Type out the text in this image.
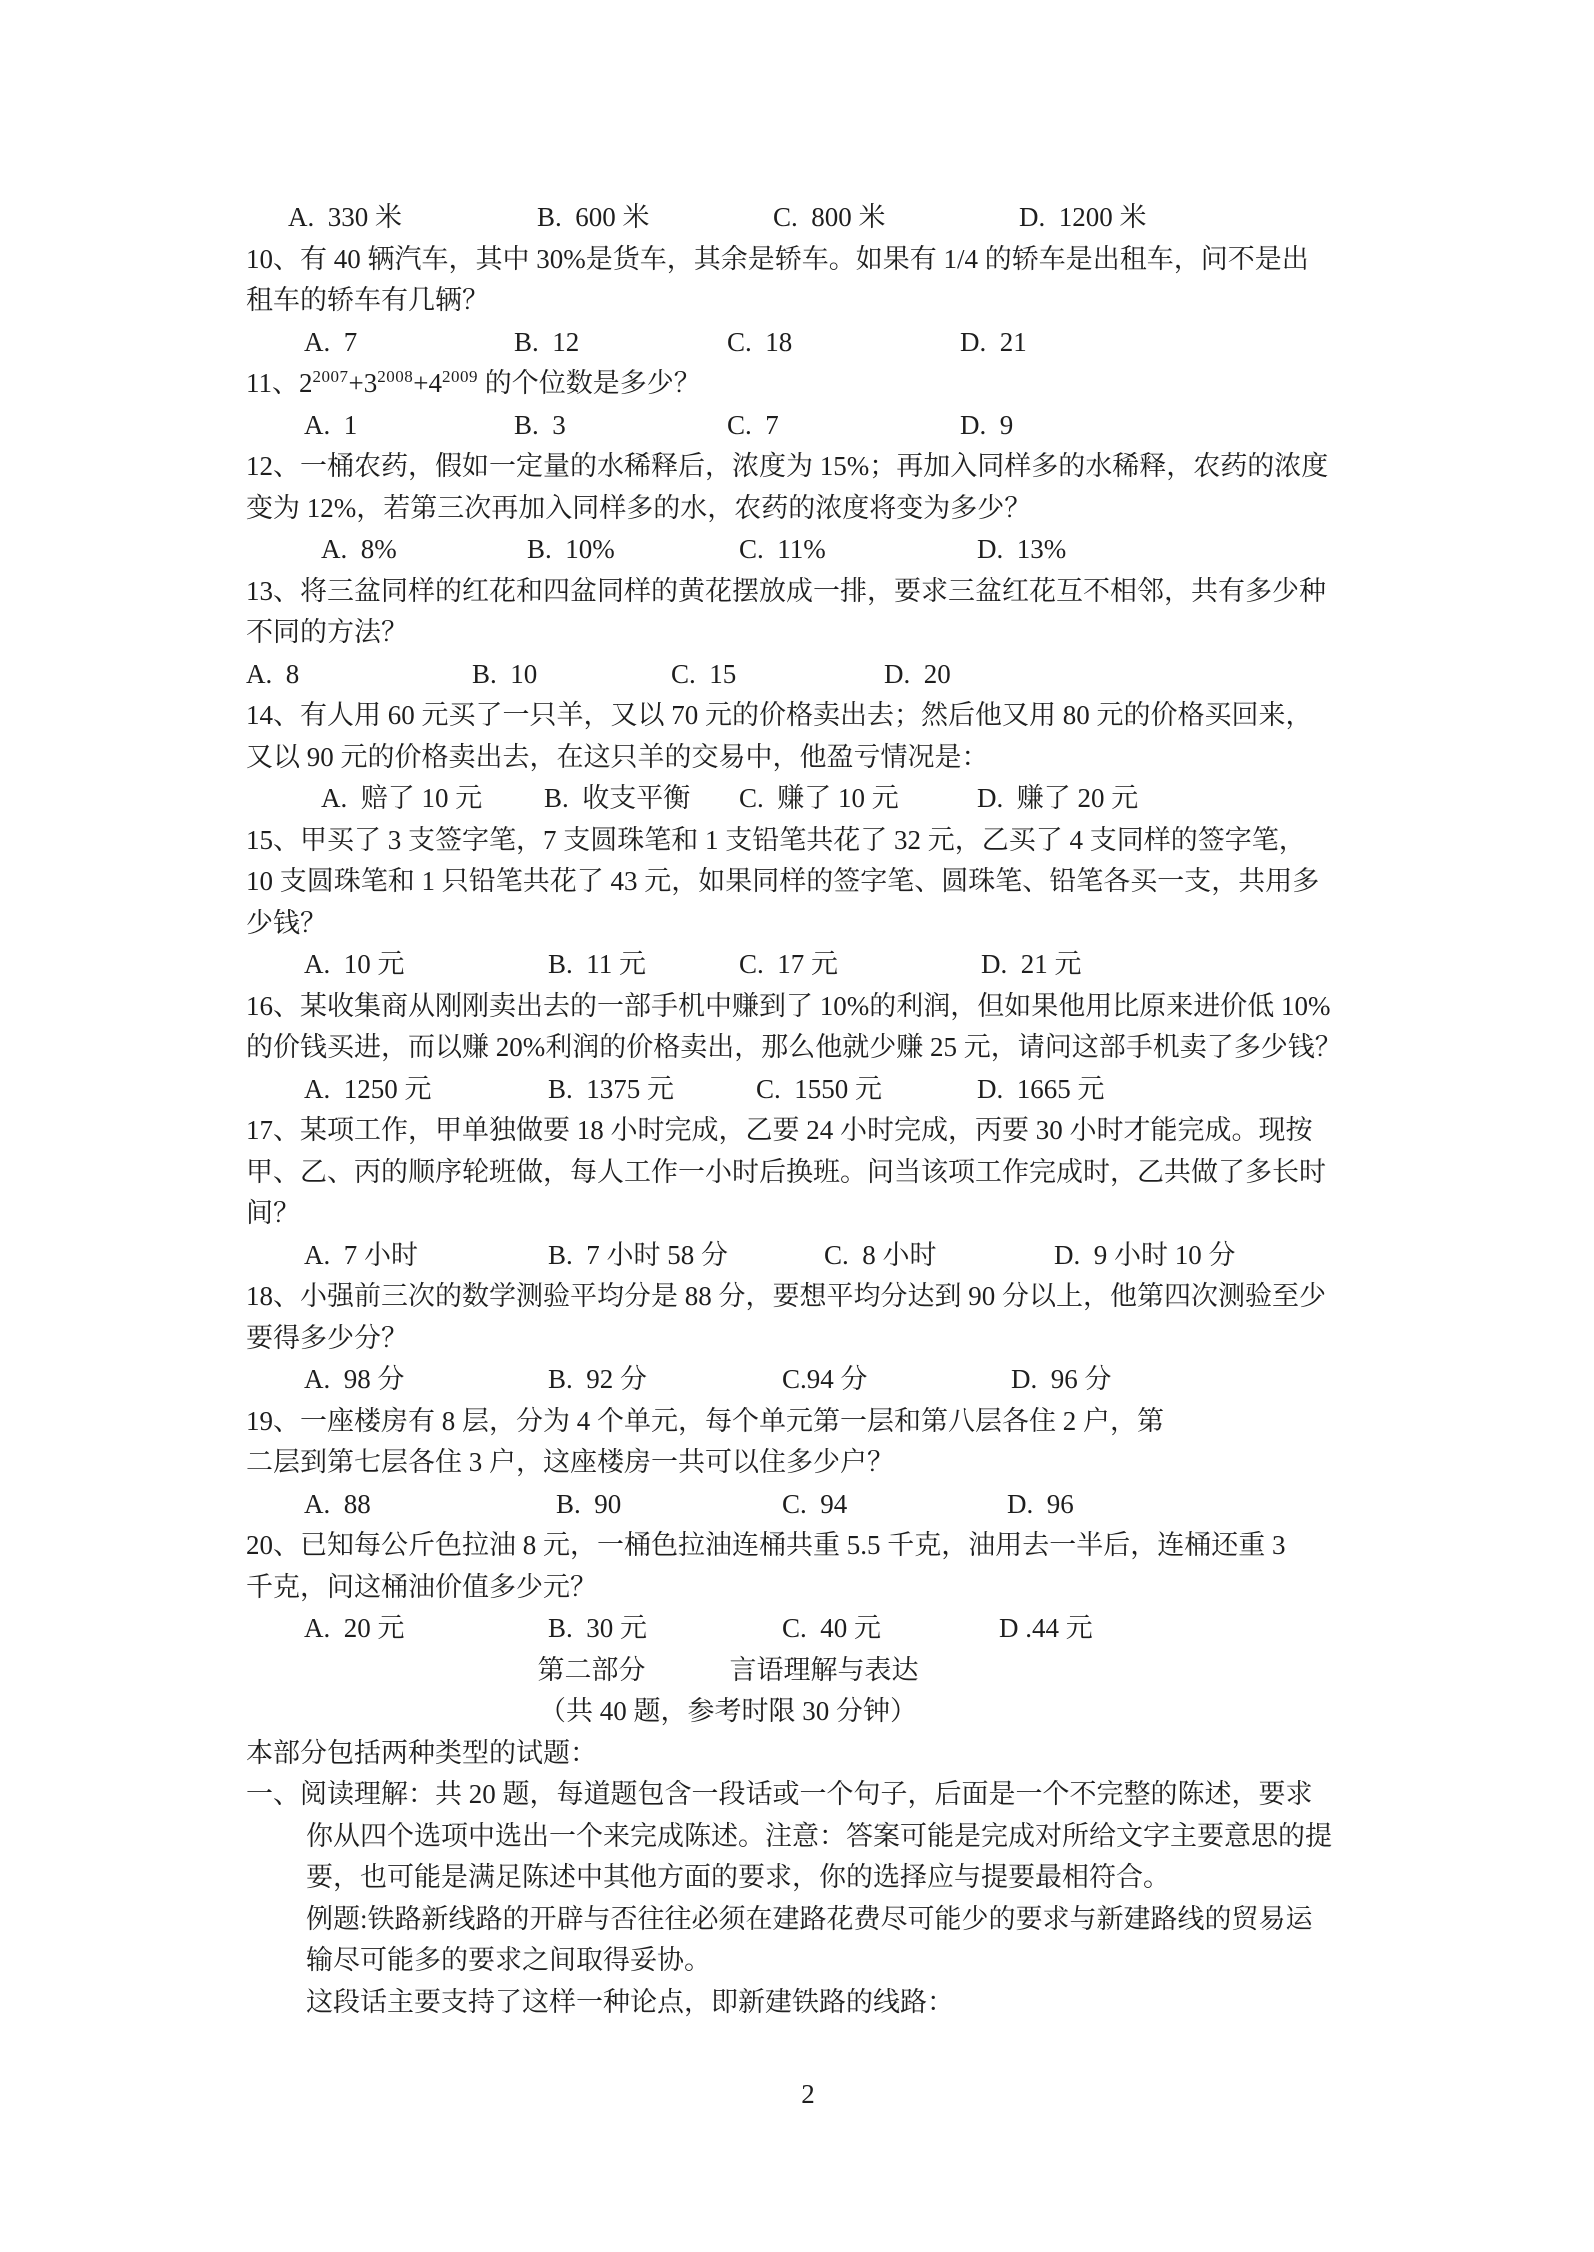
A.  330 米	B.  600 米	C.  800 米	D.  1200 米
10、有 40 辆汽车，其中 30%是货车，其余是轿车。如果有 1/4 的轿车是出租车，问不是出
租车的轿车有几辆？
A.  7	B.  12	C.  18	D.  21
11、$2^{2007}+3^{2008}+4^{2009}$ 的个位数是多少？
A.  1	B.  3	C.  7	D.  9
12、一桶农药，假如一定量的水稀释后，浓度为 15%；再加入同样多的水稀释，农药的浓度
变为 12%，若第三次再加入同样多的水，农药的浓度将变为多少？
A.  8%	B.  10%	C.  11%	D.  13%
13、将三盆同样的红花和四盆同样的黄花摆放成一排，要求三盆红花互不相邻，共有多少种
不同的方法？
A.  8	B.  10	C.  15	D.  20
14、有人用 60 元买了一只羊，又以 70 元的价格卖出去；然后他又用 80 元的价格买回来，
又以 90 元的价格卖出去，在这只羊的交易中，他盈亏情况是：
A.  赔了 10 元	B.  收支平衡	C.  赚了 10 元	D.  赚了 20 元
15、甲买了 3 支签字笔，7 支圆珠笔和 1 支铅笔共花了 32 元，乙买了 4 支同样的签字笔，
10 支圆珠笔和 1 只铅笔共花了 43 元，如果同样的签字笔、圆珠笔、铅笔各买一支，共用多
少钱？
A.  10 元	B.  11 元	C.  17 元	D.  21 元
16、某收集商从刚刚卖出去的一部手机中赚到了 10%的利润，但如果他用比原来进价低 10%
的价钱买进，而以赚 20%利润的价格卖出，那么他就少赚 25 元，请问这部手机卖了多少钱？
A.  1250 元	B.  1375 元	C.  1550 元	D.  1665 元
17、某项工作，甲单独做要 18 小时完成，乙要 24 小时完成，丙要 30 小时才能完成。现按
甲、乙、丙的顺序轮班做，每人工作一小时后换班。问当该项工作完成时，乙共做了多长时
间？
A.  7 小时	B.  7 小时 58 分	C.  8 小时	D.  9 小时 10 分
18、小强前三次的数学测验平均分是 88 分，要想平均分达到 90 分以上，他第四次测验至少
要得多少分？
A.  98 分	B.  92 分	C.94 分	D.  96 分
19、一座楼房有 8 层，分为 4 个单元，每个单元第一层和第八层各住 2 户，第
二层到第七层各住 3 户，这座楼房一共可以住多少户？
A.  88	B.  90	C.  94	D.  96
20、已知每公斤色拉油 8 元，一桶色拉油连桶共重 5.5 千克，油用去一半后，连桶还重 3
千克，问这桶油价值多少元？
A.  20 元	B.  30 元	C.  40 元	D .44 元
第二部分	言语理解与表达
（共 40 题，参考时限 30 分钟）
本部分包括两种类型的试题：
一、阅读理解：共 20 题，每道题包含一段话或一个句子，后面是一个不完整的陈述，要求
你从四个选项中选出一个来完成陈述。注意：答案可能是完成对所给文字主要意思的提
要，也可能是满足陈述中其他方面的要求，你的选择应与提要最相符合。
例题:铁路新线路的开辟与否往往必须在建路花费尽可能少的要求与新建路线的贸易运
输尽可能多的要求之间取得妥协。
这段话主要支持了这样一种论点，即新建铁路的线路：
2
